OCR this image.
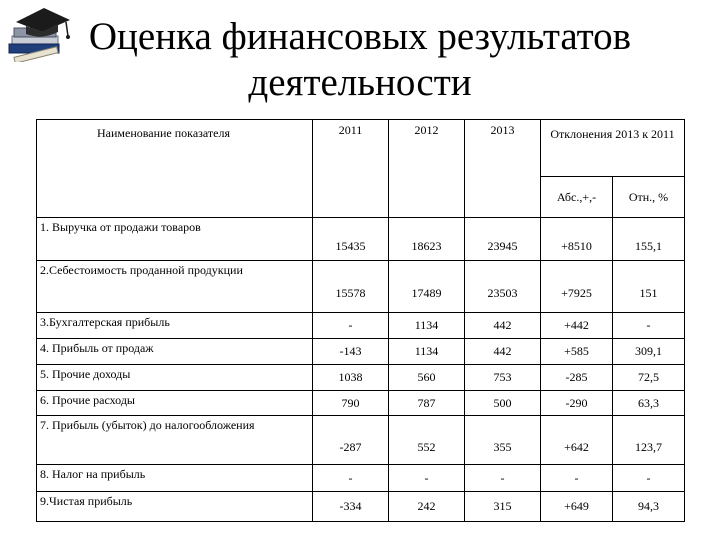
Оценка финансовых результатов деятельности
Наименование показателя	2011	2012	2013	Отклонения 2013 к 2011	
				Абс.,+,-	Отн., %
1. Выручка от продажи товаров	15435	18623	23945	+8510	155,1
2.Себестоимость проданной продукции	15578	17489	23503	+7925	151
3.Бухгалтерская прибыль	-	1134	442	+442	-
4. Прибыль от продаж	-143	1134	442	+585	309,1
5. Прочие доходы	1038	560	753	-285	72,5
6. Прочие расходы	790	787	500	-290	63,3
7. Прибыль (убыток) до налогообложения	-287	552	355	+642	123,7
8. Налог на прибыль	-	-	-	-	-
9.Чистая прибыль	-334	242	315	+649	94,3
